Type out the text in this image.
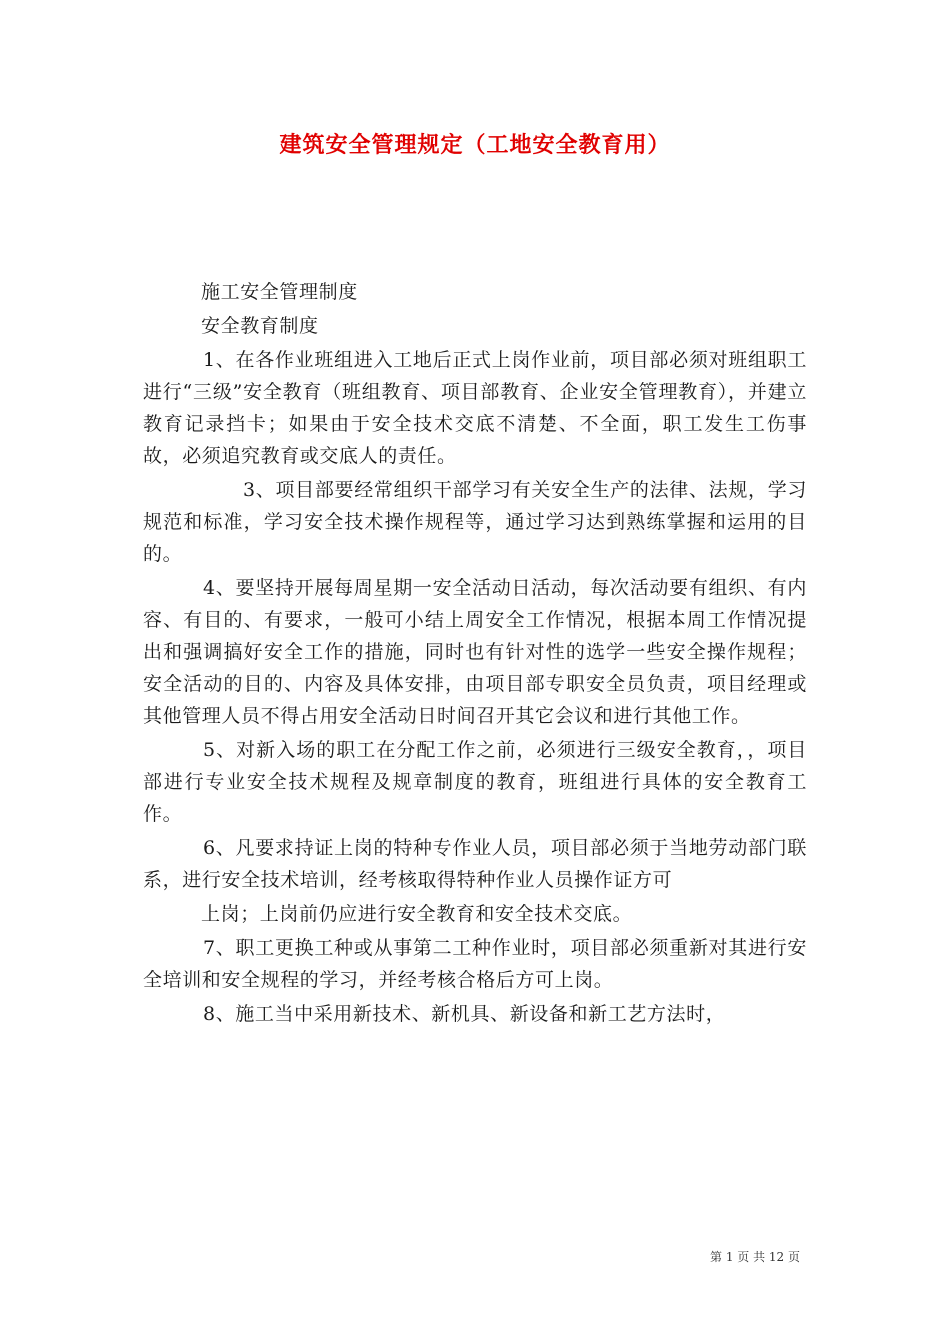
建筑安全管理规定（工地安全教育用）

施工安全管理制度

安全教育制度

1、在各作业班组进入工地后正式上岗作业前，项目部必须对班组职工进行“三级”安全教育（班组教育、项目部教育、企业安全管理教育），并建立教育记录挡卡；如果由于安全技术交底不清楚、不全面，职工发生工伤事故，必须追究教育或交底人的责任。

3、项目部要经常组织干部学习有关安全生产的法律、法规，学习规范和标准，学习安全技术操作规程等，通过学习达到熟练掌握和运用的目的。

4、要坚持开展每周星期一安全活动日活动，每次活动要有组织、有内容、有目的、有要求，一般可小结上周安全工作情况，根据本周工作情况提出和强调搞好安全工作的措施，同时也有针对性的选学一些安全操作规程；安全活动的目的、内容及具体安排，由项目部专职安全员负责，项目经理或其他管理人员不得占用安全活动日时间召开其它会议和进行其他工作。

5、对新入场的职工在分配工作之前，必须进行三级安全教育，，项目部进行专业安全技术规程及规章制度的教育，班组进行具体的安全教育工作。

6、凡要求持证上岗的特种专作业人员，项目部必须于当地劳动部门联系，进行安全技术培训，经考核取得特种作业人员操作证方可

上岗；上岗前仍应进行安全教育和安全技术交底。

7、职工更换工种或从事第二工种作业时，项目部必须重新对其进行安全培训和安全规程的学习，并经考核合格后方可上岗。

8、施工当中采用新技术、新机具、新设备和新工艺方法时，

第 1 页 共 12 页
